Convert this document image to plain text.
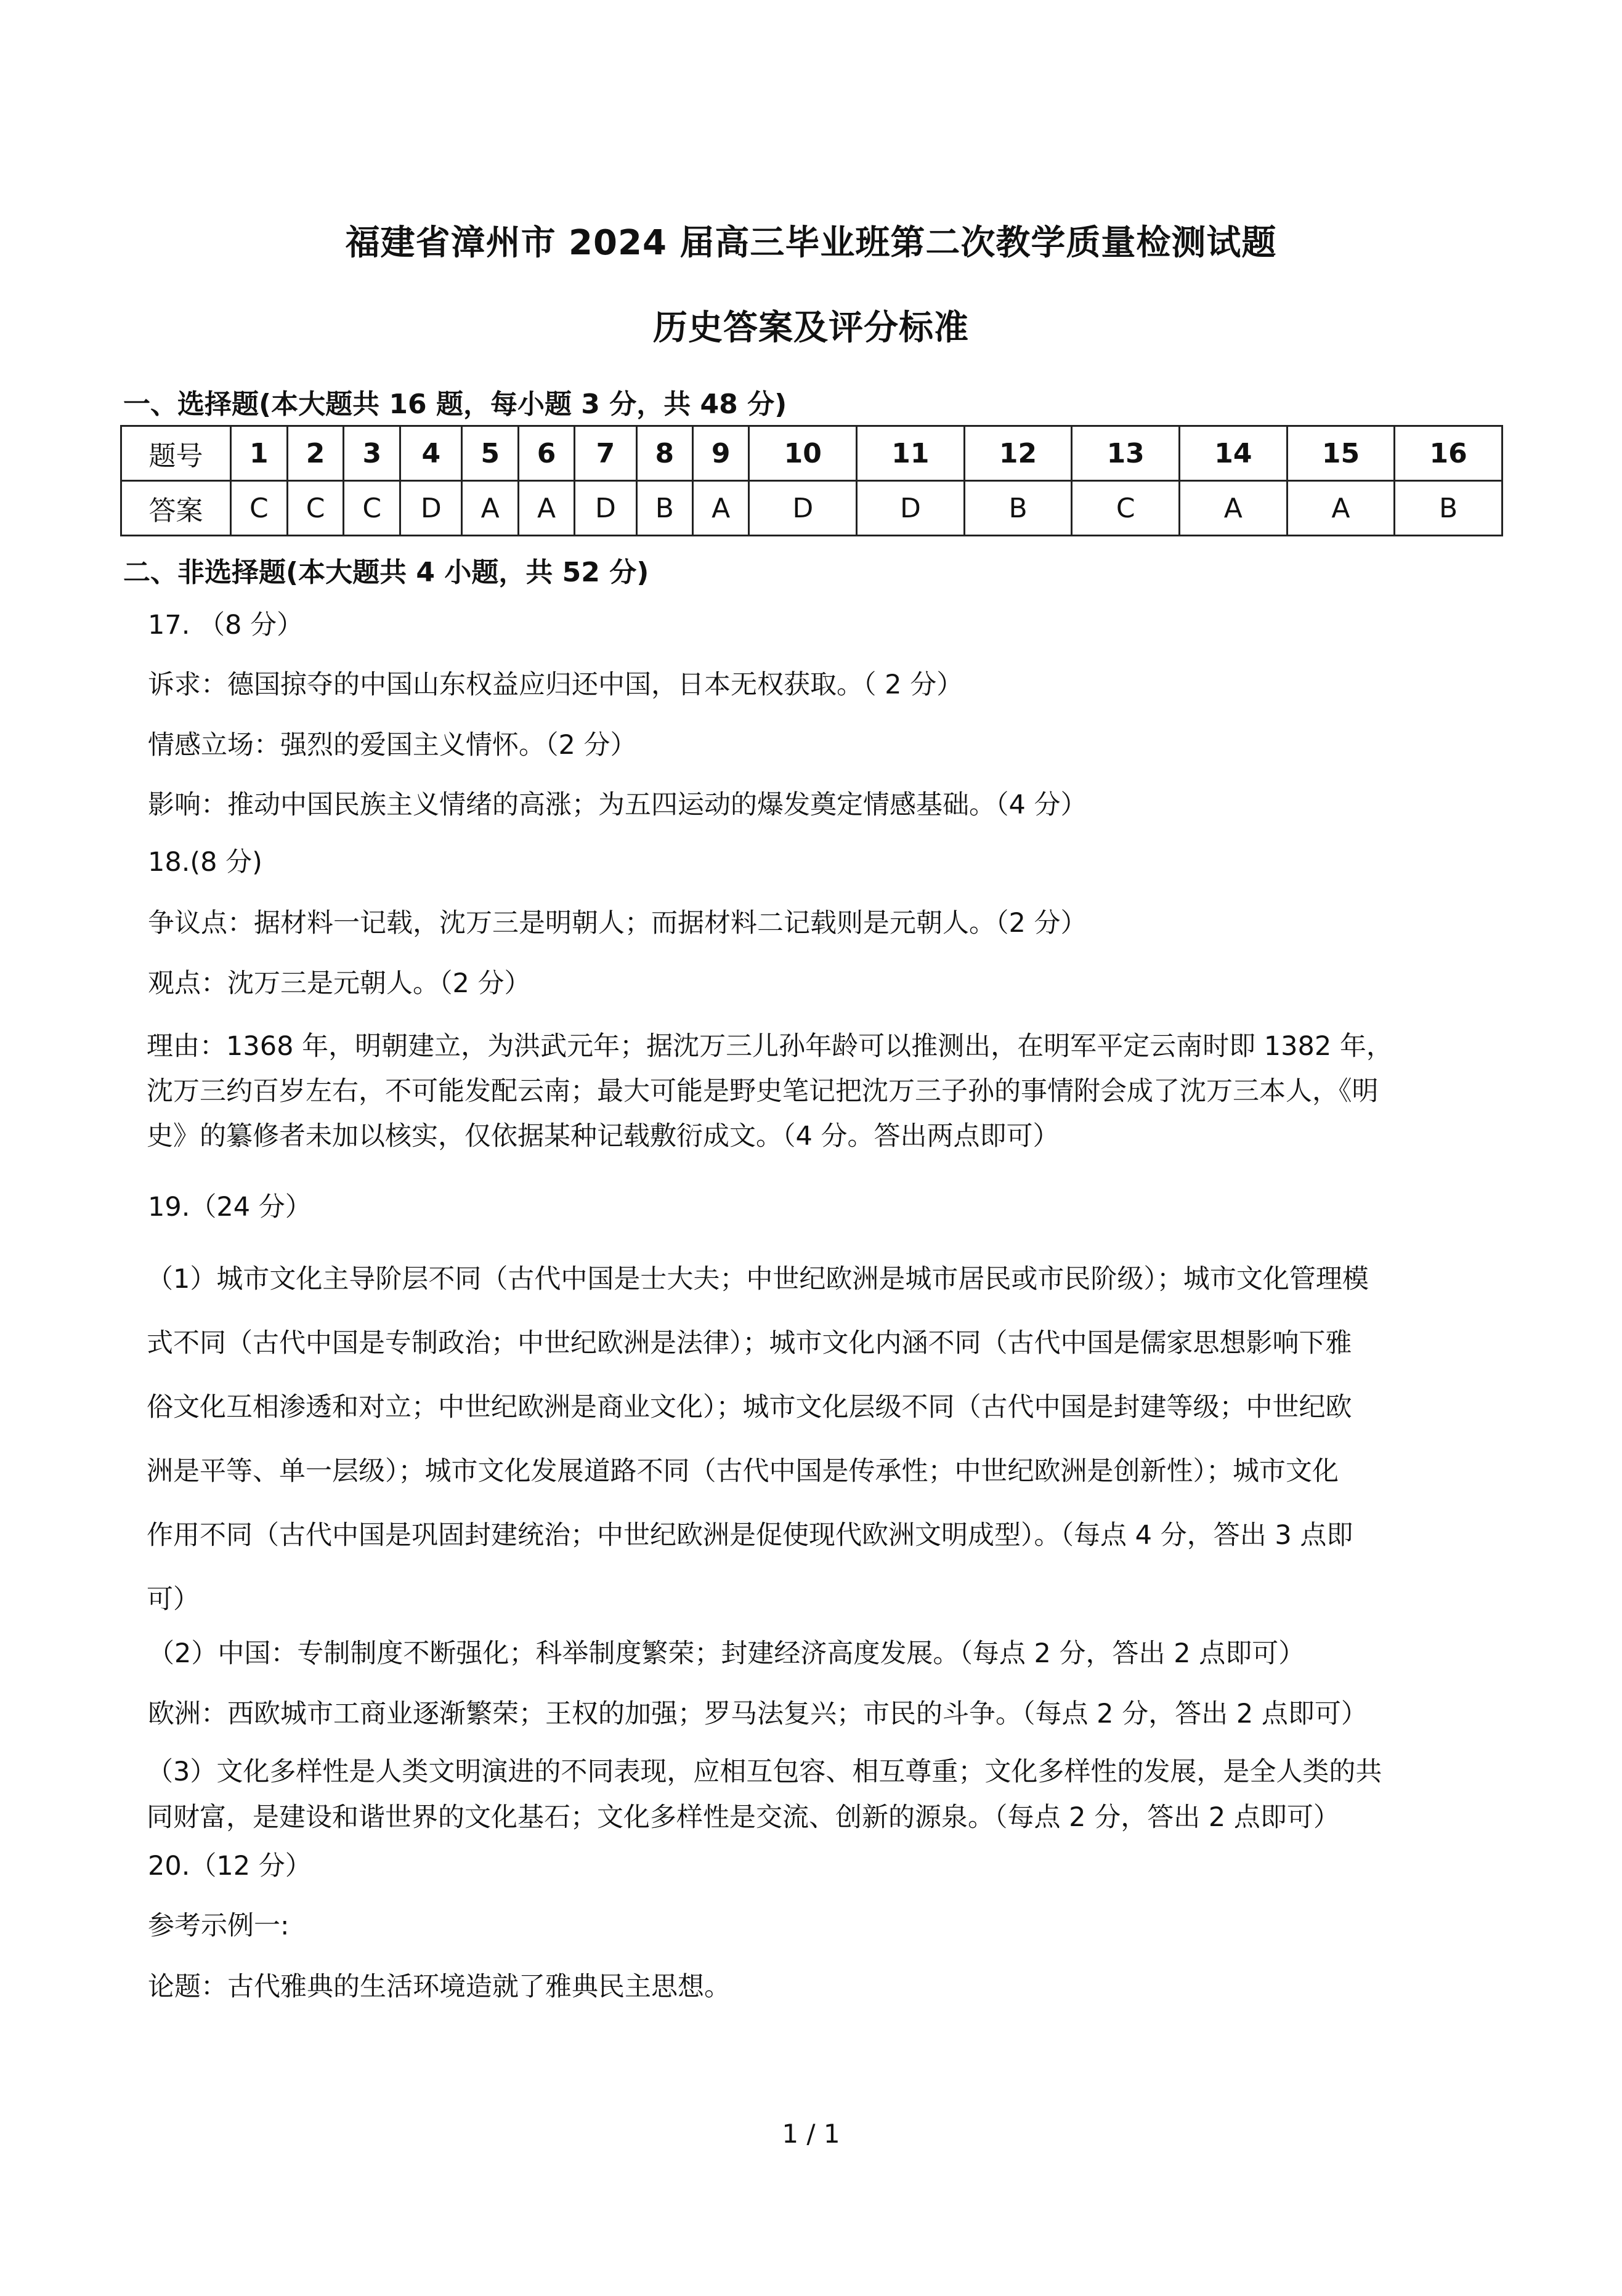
福建省漳州市 2024 届高三毕业班第二次教学质量检测试题
历史答案及评分标准
一、选择题(本大题共 16 题，每小题 3 分，共 48 分)
题号	1	2	3	4	5	6	7	8	9	10	11	12	13	14	15	16
答案	C	C	C	D	A	A	D	B	A	D	D	B	C	A	A	B
二、非选择题(本大题共 4 小题，共 52 分)
17. （8 分）
诉求：德国掠夺的中国山东权益应归还中国，日本无权获取。（ 2 分）
情感立场：强烈的爱国主义情怀。（2 分）
影响：推动中国民族主义情绪的高涨；为五四运动的爆发奠定情感基础。（4 分）
18.(8 分)
争议点：据材料一记载，沈万三是明朝人；而据材料二记载则是元朝人。（2 分）
观点：沈万三是元朝人。（2 分）
理由：1368 年，明朝建立，为洪武元年；据沈万三儿孙年龄可以推测出，在明军平定云南时即 1382 年，
沈万三约百岁左右，不可能发配云南；最大可能是野史笔记把沈万三子孙的事情附会成了沈万三本人，《明
史》的纂修者未加以核实，仅依据某种记载敷衍成文。（4 分。答出两点即可）
19.（24 分）
（1）城市文化主导阶层不同（古代中国是士大夫；中世纪欧洲是城市居民或市民阶级）；城市文化管理模
式不同（古代中国是专制政治；中世纪欧洲是法律）；城市文化内涵不同（古代中国是儒家思想影响下雅
俗文化互相渗透和对立；中世纪欧洲是商业文化）；城市文化层级不同（古代中国是封建等级；中世纪欧
洲是平等、单一层级）；城市文化发展道路不同（古代中国是传承性；中世纪欧洲是创新性）；城市文化
作用不同（古代中国是巩固封建统治；中世纪欧洲是促使现代欧洲文明成型）。（每点 4 分，答出 3 点即
可）
（2）中国：专制制度不断强化；科举制度繁荣；封建经济高度发展。（每点 2 分，答出 2 点即可）
欧洲：西欧城市工商业逐渐繁荣；王权的加强；罗马法复兴；市民的斗争。（每点 2 分，答出 2 点即可）
（3）文化多样性是人类文明演进的不同表现，应相互包容、相互尊重；文化多样性的发展，是全人类的共
同财富，是建设和谐世界的文化基石；文化多样性是交流、创新的源泉。（每点 2 分，答出 2 点即可）
20.（12 分）
参考示例一:
论题：古代雅典的生活环境造就了雅典民主思想。
1 / 1
